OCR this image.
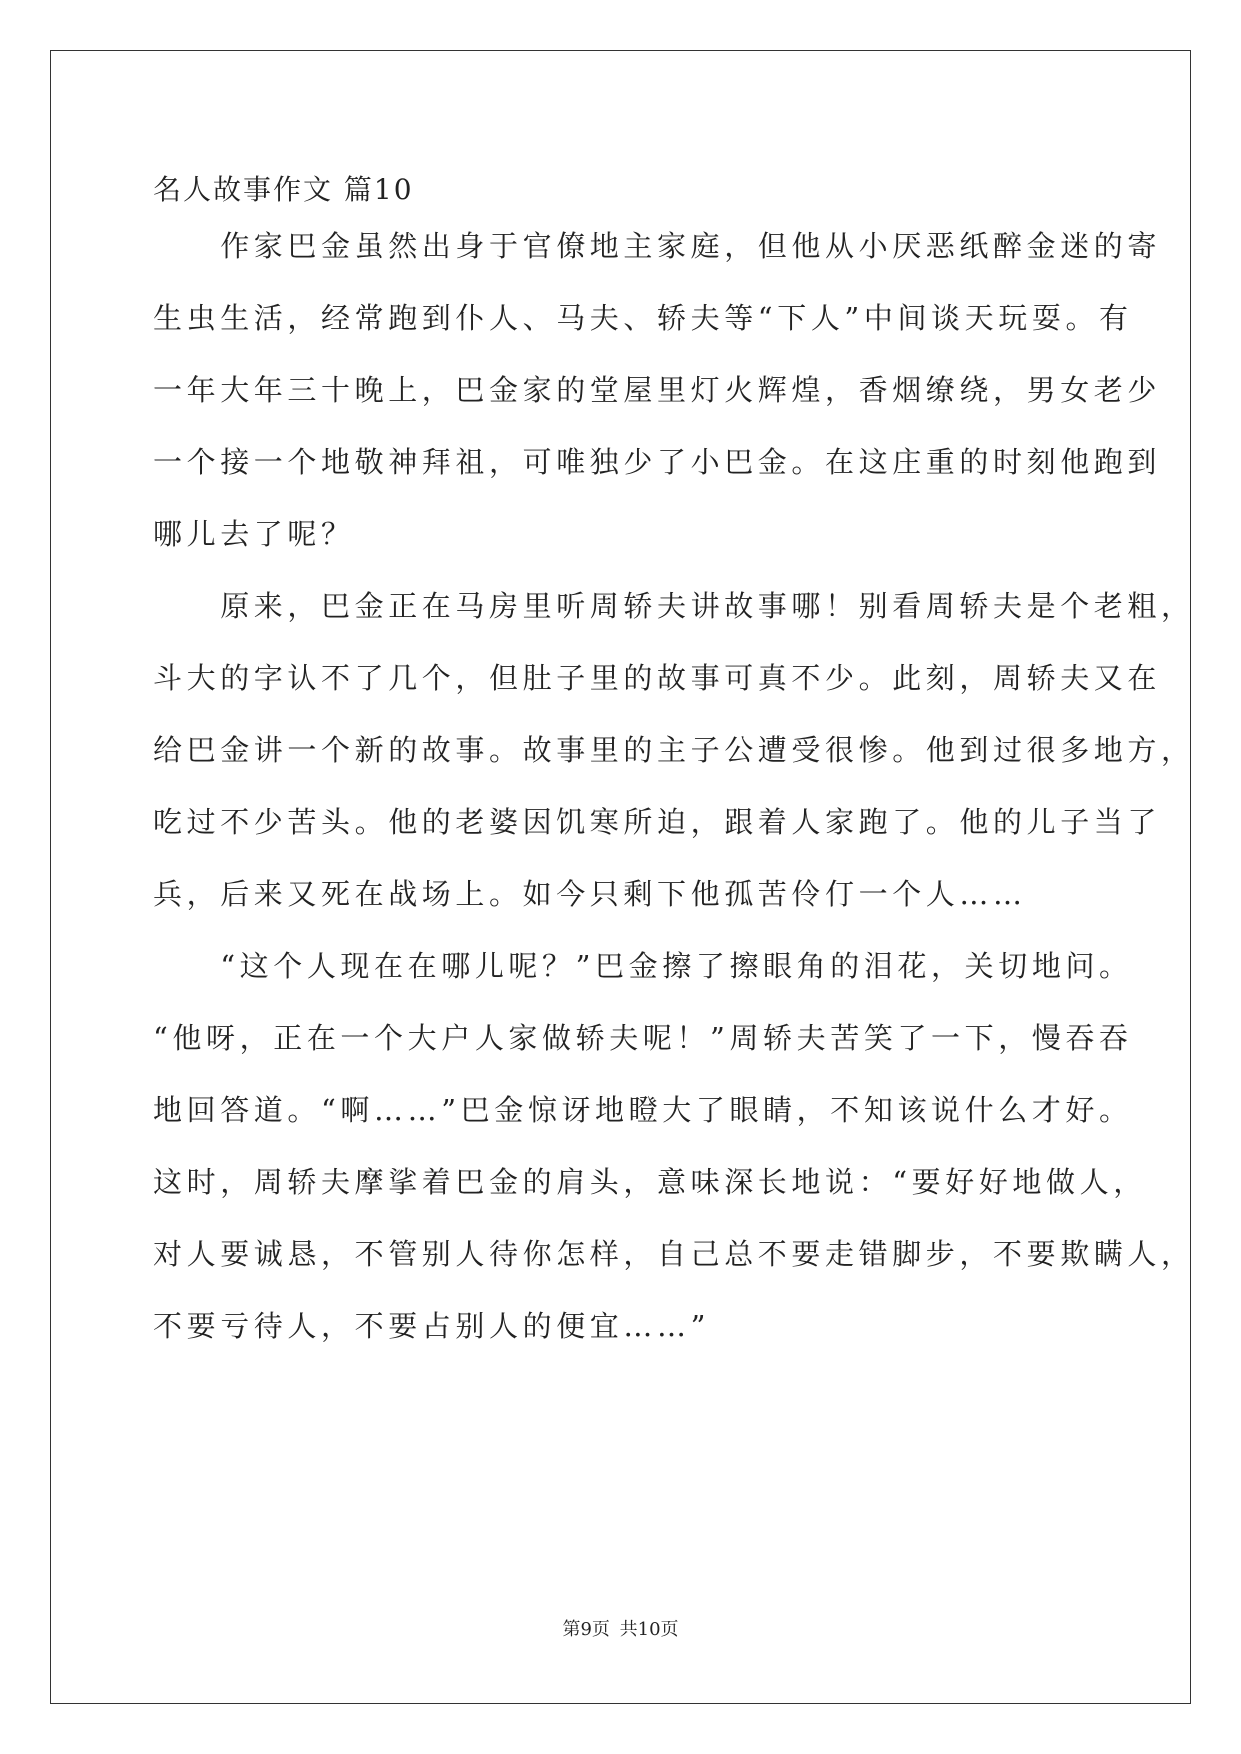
名人故事作文 篇10
　　作家巴金虽然出身于官僚地主家庭，但他从小厌恶纸醉金迷的寄
生虫生活，经常跑到仆人、马夫、轿夫等“下人”中间谈天玩耍。有
一年大年三十晚上，巴金家的堂屋里灯火辉煌，香烟缭绕，男女老少
一个接一个地敬神拜祖，可唯独少了小巴金。在这庄重的时刻他跑到
哪儿去了呢？
　　原来，巴金正在马房里听周轿夫讲故事哪！别看周轿夫是个老粗，
斗大的字认不了几个，但肚子里的故事可真不少。此刻，周轿夫又在
给巴金讲一个新的故事。故事里的主子公遭受很惨。他到过很多地方，
吃过不少苦头。他的老婆因饥寒所迫，跟着人家跑了。他的儿子当了
兵，后来又死在战场上。如今只剩下他孤苦伶仃一个人……
　　“这个人现在在哪儿呢？”巴金擦了擦眼角的泪花，关切地问。
“他呀，正在一个大户人家做轿夫呢！”周轿夫苦笑了一下，慢吞吞
地回答道。“啊……”巴金惊讶地瞪大了眼睛，不知该说什么才好。
这时，周轿夫摩挲着巴金的肩头，意味深长地说：“要好好地做人，
对人要诚恳，不管别人待你怎样，自己总不要走错脚步，不要欺瞒人，
不要亏待人，不要占别人的便宜……”
第9页 共10页
